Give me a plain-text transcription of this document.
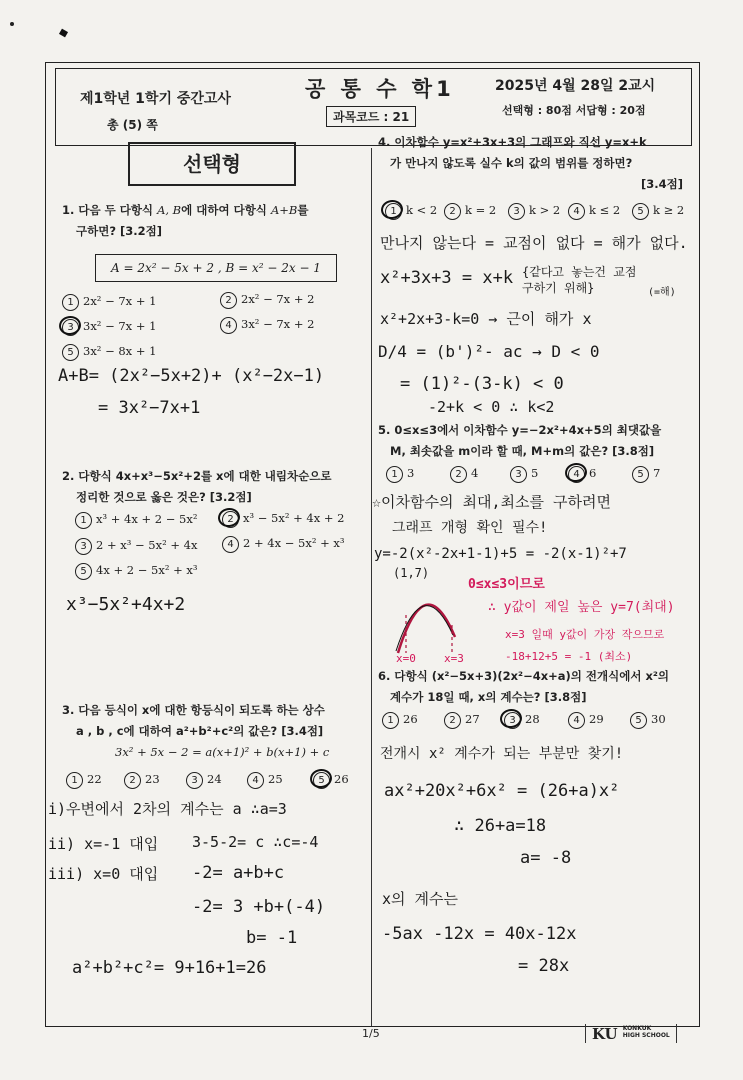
제1학년 1학기 중간고사	공 통 수 학1	2025년 4월 28일 2교시
총 (5) 쪽
과목코드 : 21	선택형 : 80점 서답형 : 20점
선택형
1. 다음 두 다항식 A, B에 대하여 다항식 A+B를
구하면? [3.2점]
A = 2x² − 5x + 2 , B = x² − 2x − 1
1 2x² − 7x + 1	2 2x² − 7x + 2
3 3x² − 7x + 1	4 3x² − 7x + 2
5 3x² − 8x + 1
A+B= (2x²−5x+2)+ (x²−2x−1)
= 3x²−7x+1
2. 다항식 4x+x³−5x²+2를 x에 대한 내림차순으로
정리한 것으로 옳은 것은? [3.2점]
1 x³ + 4x + 2 − 5x²	2 x³ − 5x² + 4x + 2
3 2 + x³ − 5x² + 4x	4 2 + 4x − 5x² + x³
5 4x + 2 − 5x² + x³
x³−5x²+4x+2
3. 다음 등식이 x에 대한 항등식이 되도록 하는 상수
a , b , c에 대하여 a²+b²+c²의 값은? [3.4점]
3x² + 5x − 2 = a(x+1)² + b(x+1) + c
1 22	2 23	3 24	4 25	5 26
i)우변에서 2차의 계수는 a ∴a=3
ii) x=-1 대입 3-5-2= c ∴c=-4
iii) x=0 대입 -2= a+b+c
-2= 3 +b+(-4)
b= -1
a²+b²+c²= 9+16+1=26
4. 이차함수 y=x²+3x+3의 그래프와 직선 y=x+k
가 만나지 않도록 실수 k의 값의 범위를 정하면?
[3.4점]
1 k < 2	2 k = 2	3 k > 2	4 k ≤ 2	5 k ≥ 2
만나지 않는다 = 교점이 없다 = 해가 없다.
x²+3x+3 = x+k {같다고 놓는건 교점구하기 위해}	(=해)
x²+2x+3-k=0 → 근이 해가 x
D/4 = (b')²- ac → D < 0
= (1)²-(3-k) < 0
-2+k < 0 ∴ k<2
5. 0≤x≤3에서 이차함수 y=−2x²+4x+5의 최댓값을
M, 최솟값을 m이라 할 때, M+m의 값은? [3.8점]
1 3	2 4	3 5	4 6	5 7
☆이차함수의 최대,최소를 구하려면
그래프 개형 확인 필수!
y=-2(x²-2x+1-1)+5 = -2(x-1)²+7
(1,7)
x=0	x=3
0≤x≤3이므로
∴ y값이 제일 높은 y=7(최대)
x=3 일때 y값이 가장 작으므로
-18+12+5 = -1 (최소)
6. 다항식 (x²−5x+3)(2x²−4x+a)의 전개식에서 x²의
계수가 18일 때, x의 계수는? [3.8점]
1 26	2 27	3 28	4 29	5 30
전개시 x² 계수가 되는 부분만 찾기!
ax²+20x²+6x² = (26+a)x²
∴ 26+a=18
a= -8
x의 계수는
-5ax -12x = 40x-12x
= 28x
1/5	KU KONKUK
HIGH SCHOOL
